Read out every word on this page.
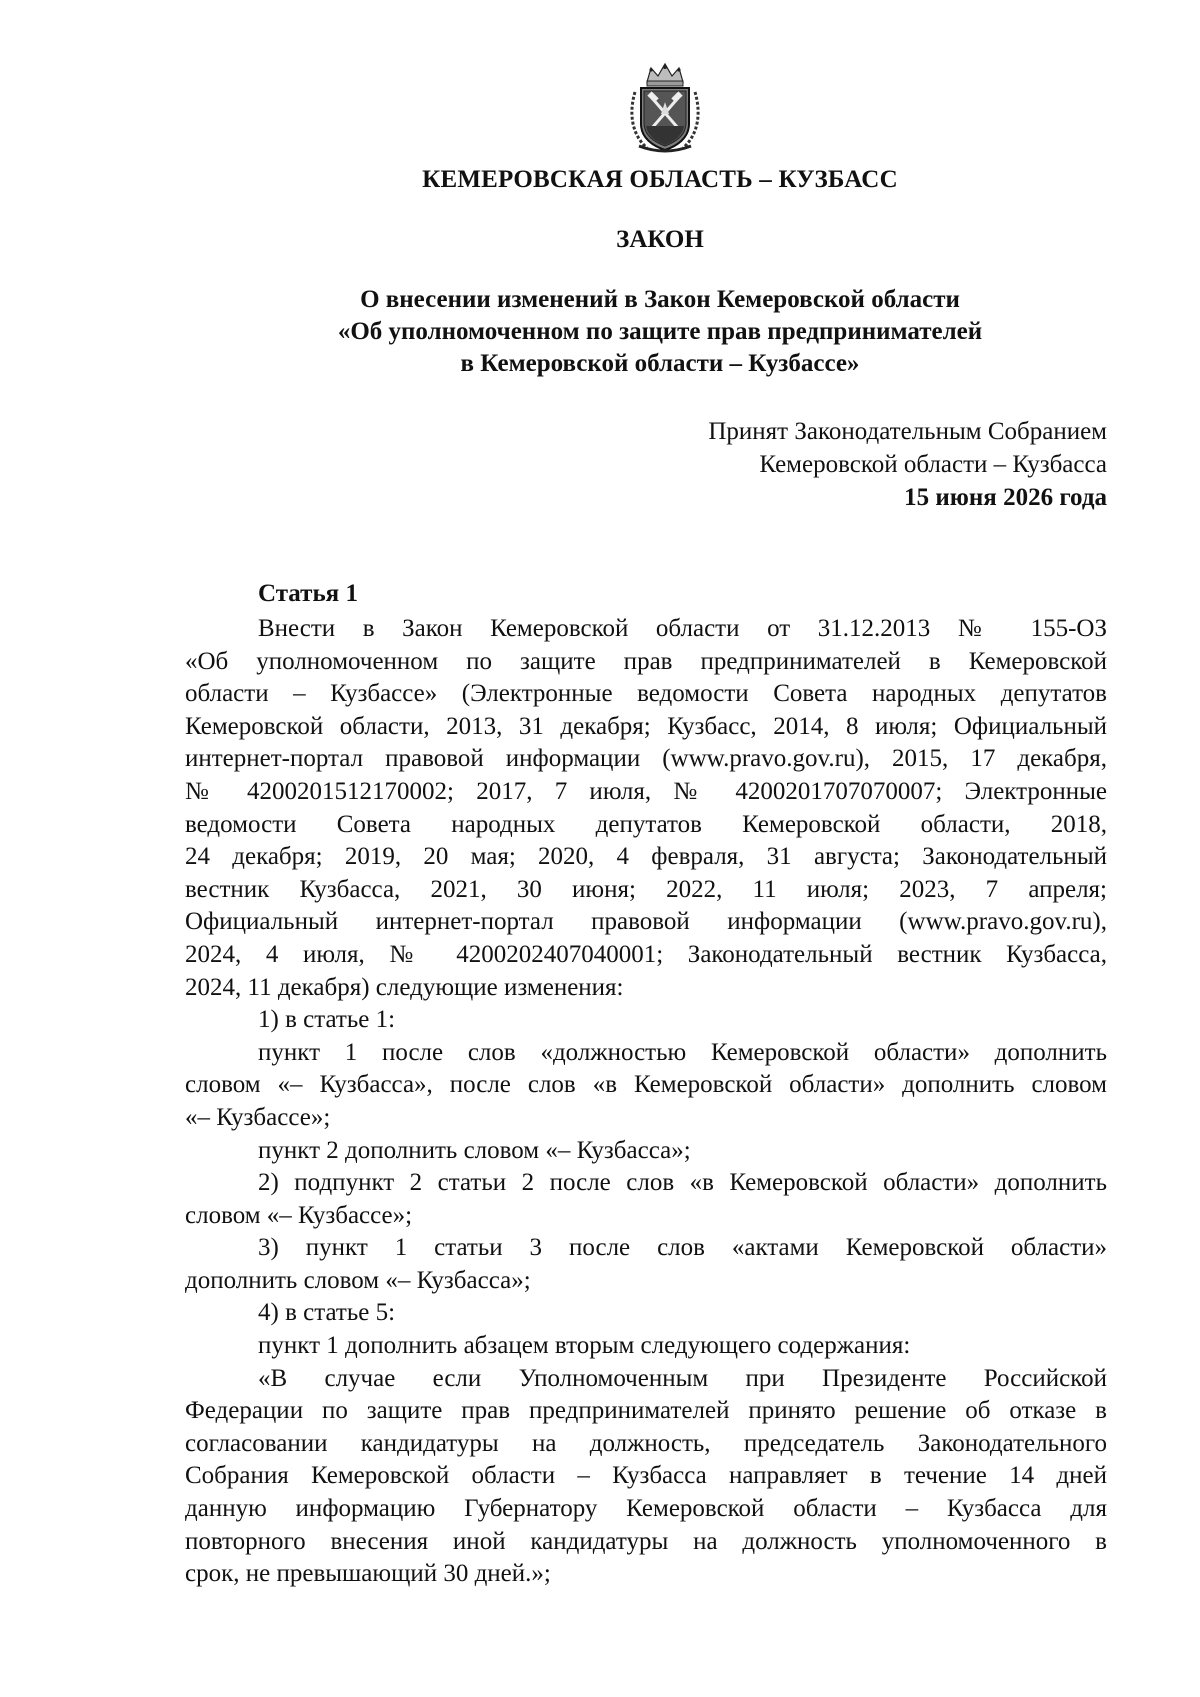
КЕМЕРОВСКАЯ ОБЛАСТЬ – КУЗБАСС
ЗАКОН
О внесении изменений в Закон Кемеровской области
«Об уполномоченном по защите прав предпринимателей
в Кемеровской области – Кузбассе»
Принят Законодательным Собранием
Кемеровской области – Кузбасса
15 июня 2026 года
Статья 1
Внести в Закон Кемеровской области от 31.12.2013 № 155-ОЗ
«Об уполномоченном по защите прав предпринимателей в Кемеровской
области – Кузбассе» (Электронные ведомости Совета народных депутатов
Кемеровской области, 2013, 31 декабря; Кузбасс, 2014, 8 июля; Официальный
интернет-портал правовой информации (www.pravo.gov.ru), 2015, 17 декабря,
№ 4200201512170002; 2017, 7 июля, № 4200201707070007; Электронные
ведомости Совета народных депутатов Кемеровской области, 2018,
24 декабря; 2019, 20 мая; 2020, 4 февраля, 31 августа; Законодательный
вестник Кузбасса, 2021, 30 июня; 2022, 11 июля; 2023, 7 апреля;
Официальный интернет-портал правовой информации (www.pravo.gov.ru),
2024, 4 июля, № 4200202407040001; Законодательный вестник Кузбасса,
2024, 11 декабря) следующие изменения:
1) в статье 1:
пункт 1 после слов «должностью Кемеровской области» дополнить
словом «– Кузбасса», после слов «в Кемеровской области» дополнить словом
«– Кузбассе»;
пункт 2 дополнить словом «– Кузбасса»;
2) подпункт 2 статьи 2 после слов «в Кемеровской области» дополнить
словом «– Кузбассе»;
3) пункт 1 статьи 3 после слов «актами Кемеровской области»
дополнить словом «– Кузбасса»;
4) в статье 5:
пункт 1 дополнить абзацем вторым следующего содержания:
«В случае если Уполномоченным при Президенте Российской
Федерации по защите прав предпринимателей принято решение об отказе в
согласовании кандидатуры на должность, председатель Законодательного
Собрания Кемеровской области – Кузбасса направляет в течение 14 дней
данную информацию Губернатору Кемеровской области – Кузбасса для
повторного внесения иной кандидатуры на должность уполномоченного в
срок, не превышающий 30 дней.»;
